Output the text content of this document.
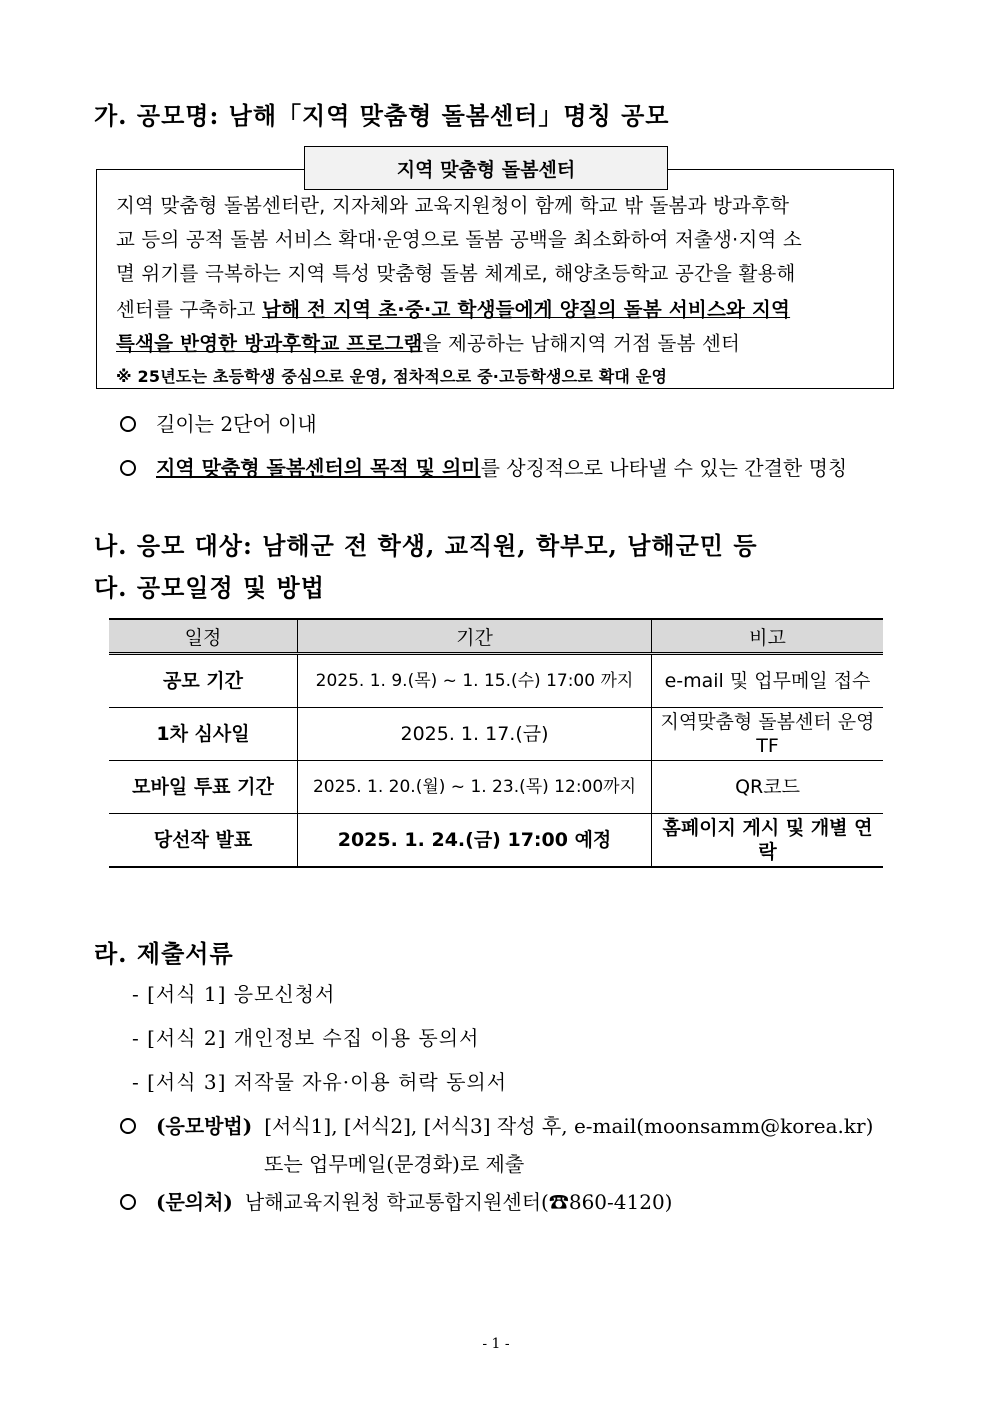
가. 공모명: 남해「지역 맞춤형 돌봄센터」명칭 공모
지역 맞춤형 돌봄센터
지역 맞춤형 돌봄센터란, 지자체와 교육지원청이 함께 학교 밖 돌봄과 방과후학
교 등의 공적 돌봄 서비스 확대·운영으로 돌봄 공백을 최소화하여 저출생·지역 소
멸 위기를 극복하는 지역 특성 맞춤형 돌봄 체계로, 해양초등학교 공간을 활용해
센터를 구축하고 남해 전 지역 초·중·고 학생들에게 양질의 돌봄 서비스와 지역
특색을 반영한 방과후학교 프로그램을 제공하는 남해지역 거점 돌봄 센터
※ 25년도는 초등학생 중심으로 운영, 점차적으로 중·고등학생으로 확대 운영
길이는 2단어 이내
지역 맞춤형 돌봄센터의 목적 및 의미를 상징적으로 나타낼 수 있는 간결한 명칭
나. 응모 대상: 남해군 전 학생, 교직원, 학부모, 남해군민 등
다. 공모일정 및 방법
일정	기간	비고
공모 기간	2025. 1. 9.(목) ~ 1. 15.(수) 17:00 까지	e-mail 및 업무메일 접수
1차 심사일	2025. 1. 17.(금)	지역맞춤형 돌봄센터 운영 TF
모바일 투표 기간	2025. 1. 20.(월) ~ 1. 23.(목) 12:00까지	QR코드
당선작 발표	2025. 1. 24.(금) 17:00 예정	홈페이지 게시 및 개별 연락
라. 제출서류
- [서식 1] 응모신청서
- [서식 2] 개인정보 수집 이용 동의서
- [서식 3] 저작물 자유·이용 허락 동의서
(응모방법) [서식1], [서식2], [서식3] 작성 후, e-mail(moonsamm@korea.kr)
또는 업무메일(문경화)로 제출
(문의처) 남해교육지원청 학교통합지원센터(☎860-4120)
- 1 -
